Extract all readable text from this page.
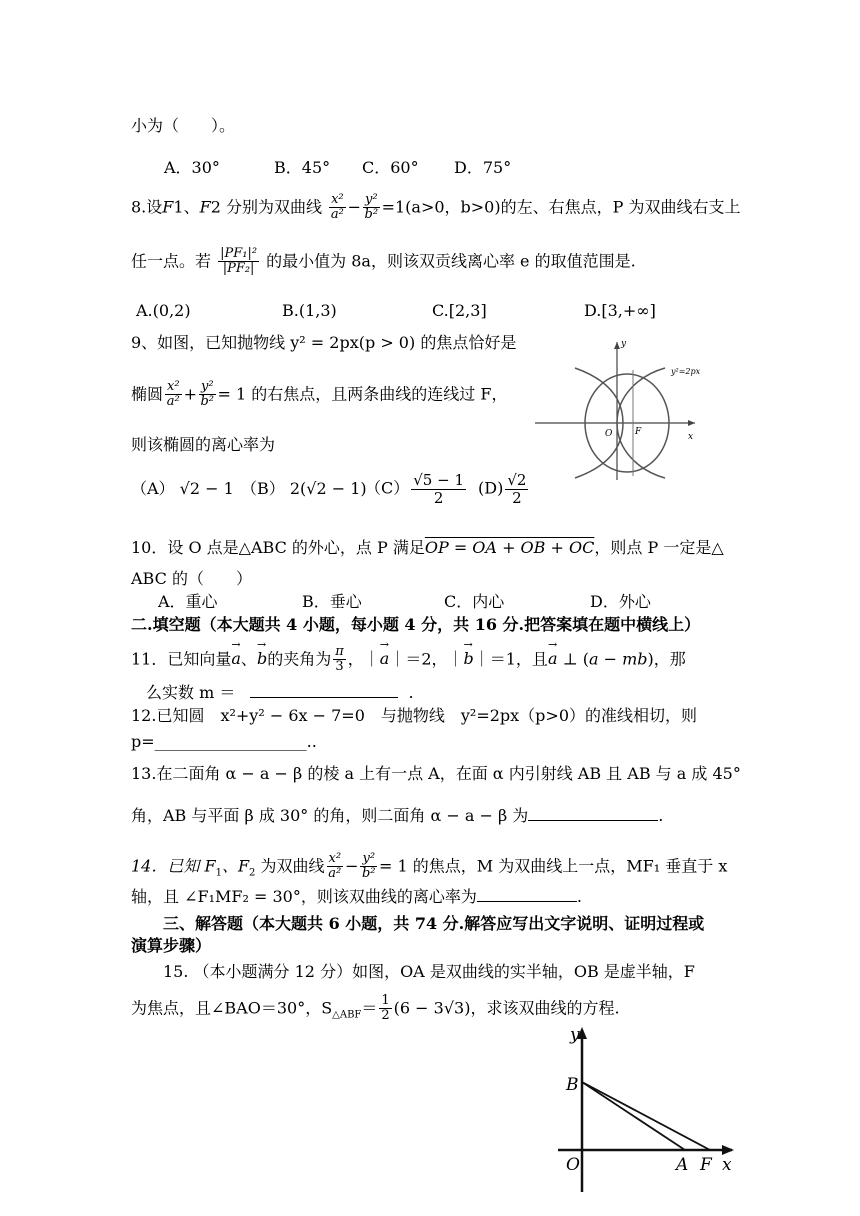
小为（　　）。
A．30°	B．45° C．60° D．75°
8.设F1、F2 分别为双曲线 $\frac{\text{x²}}{\text{a²}} - \frac{\text{y²}}{\text{b²}} =1(a>0$，b>0)的左、右焦点，P 为双曲线右支上
任一点。若 $\frac{\text{|PF₁|²}}{\text{|PF₂|}}$ 的最小值为 8a，则该双贡线离心率 e 的取值范围是.
A.(0,2)	B.(1,3)	C.[2,3]	D.[3,+∞]
9、如图，已知抛物线 y² = 2px(p > 0) 的焦点恰好是
椭圆 $\frac{\text{x²}}{\text{a²}} + \frac{\text{y²}}{\text{b²}} = 1$ 的右焦点，且两条曲线的连线过 F，
则该椭圆的离心率为
（A） √2 − 1 （B） $2(√2 - 1)(C) \frac{√5 - 1}{2} (D) \frac{√2}{2}$
y
x
O	F
y²=2px
10．设 O 点是△ABC 的外心，点 P 满足OP = OA + OB + OC，则点 P 一定是△
ABC 的（　　）
A．重心	B．垂心	C．内心	D．外心
二.填空题（本大题共 4 小题，每小题 4 分，共 16 分.把答案填在题中横线上）
11．已知向量→ a、→ b的夹角为 $\frac{\pi}{3}$ ，｜→ a｜＝2，｜→ b｜＝1，且→ a ⊥ (a − mb)，那
么实数 m ＝	.
12.已知圆　x²+y² − 6x − 7=0　与抛物线　y²=2px（p>0）的准线相切，则
p=___________________..
13.在二面角 α − a − β 的棱 a 上有一点 A，在面 α 内引射线 AB 且 AB 与 a 成 45°
角，AB 与平面 β 成 30° 的角，则二面角 α − a − β 为	.
14．已知 $F_1$、$F_2$ 为双曲线 $\frac{\text{x²}}{\text{a²}} - \frac{\text{y²}}{\text{b²}} = 1$ 的焦点，M 为双曲线上一点，MF₁ 垂直于 x
轴，且 ∠F₁MF₂ = 30°，则该双曲线的离心率为	.
三、解答题（本大题共 6 小题，共 74 分.解答应写出文字说明、证明过程或
演算步骤）
15. （本小题满分 12 分）如图，OA 是双曲线的实半轴，OB 是虚半轴，F
为焦点，且∠BAO＝30°，$S_{\triangle ABF}= \frac{1}{2} (6 - 3√3)$，求该双曲线的方程.
y
x
O	A F
B
